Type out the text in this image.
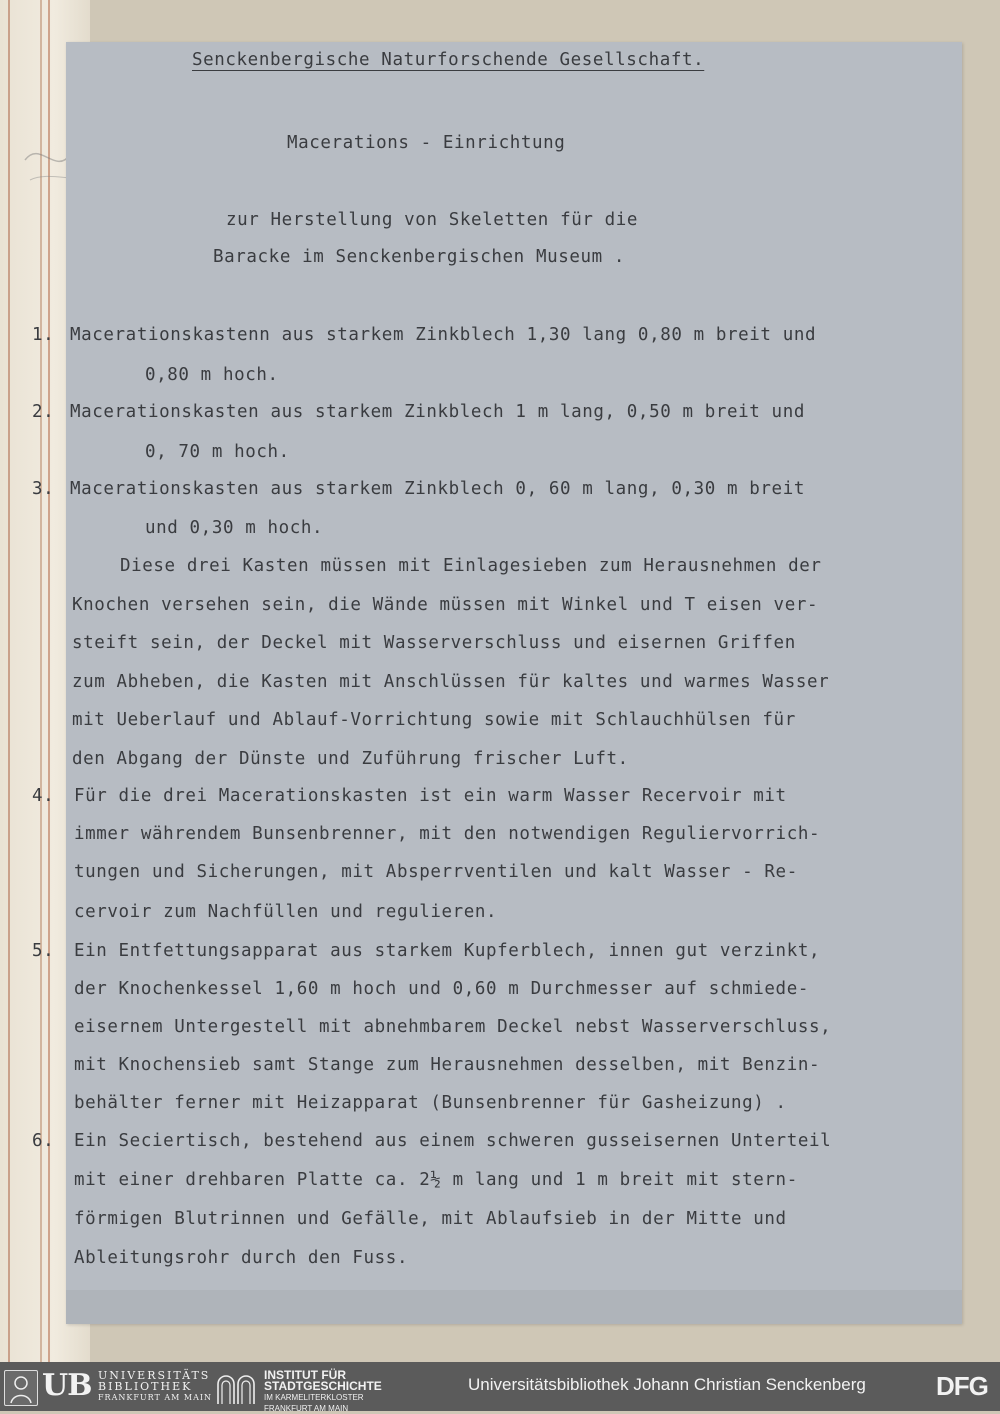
Senckenbergische Naturforschende Gesellschaft.
Macerations - Einrichtung
zur Herstellung von Skeletten für die
Baracke im Senckenbergischen Museum .
1. Macerationskastenn aus starkem Zinkblech 1,30 lang 0,80 m breit und
0,80 m hoch.
2. Macerationskasten aus starkem Zinkblech 1 m lang, 0,50 m breit und
0, 70 m hoch.
3. Macerationskasten aus starkem Zinkblech 0, 60 m lang, 0,30 m breit
und 0,30 m hoch.
Diese drei Kasten müssen mit Einlagesieben zum Herausnehmen der
Knochen versehen sein, die Wände müssen mit Winkel und T eisen ver-
steift sein, der Deckel mit Wasserverschluss und eisernen Griffen
zum Abheben, die Kasten mit Anschlüssen für kaltes und warmes Wasser
mit Ueberlauf und Ablauf-Vorrichtung sowie mit Schlauchhülsen für
den Abgang der Dünste und Zuführung frischer Luft.
4. Für die drei Macerationskasten ist ein warm Wasser Recervoir mit
immer währendem Bunsenbrenner, mit den notwendigen Reguliervorrich-
tungen und Sicherungen, mit Absperrventilen und kalt Wasser - Re-
cervoir zum Nachfüllen und regulieren.
5. Ein Entfettungsapparat aus starkem Kupferblech, innen gut verzinkt,
der Knochenkessel 1,60 m hoch und 0,60 m Durchmesser auf schmiede-
eisernem Untergestell mit abnehmbarem Deckel nebst Wasserverschluss,
mit Knochensieb samt Stange zum Herausnehmen desselben, mit Benzin-
behälter ferner mit Heizapparat (Bunsenbrenner für Gasheizung) .
6. Ein Seciertisch, bestehend aus einem schweren gusseisernen Unterteil
mit einer drehbaren Platte ca. 2½ m lang und 1 m breit mit stern-
förmigen Blutrinnen und Gefälle, mit Ablaufsieb in der Mitte und
Ableitungsrohr durch den Fuss.
UB UNIVERSITÄTS
BIBLIOTHEK
FRANKFURT AM MAIN
INSTITUT FÜR
STADTGESCHICHTE
IM KARMELITERKLOSTER
FRANKFURT AM MAIN
Universitätsbibliothek Johann Christian Senckenberg	DFG
